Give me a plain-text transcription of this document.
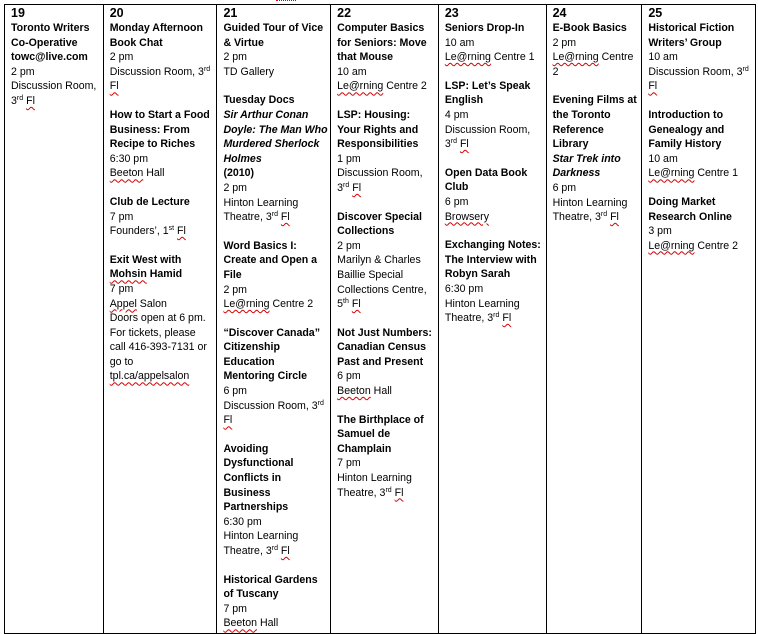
19
Toronto Writers Co-Operative towc@live.com
2 pm
Discussion Room, 3rd Fl
20
Monday Afternoon Book Chat
2 pm
Discussion Room, 3rd Fl
How to Start a Food Business: From Recipe to Riches
6:30 pm
Beeton Hall
Club de Lecture
7 pm
Founders’, 1st Fl
Exit West with Mohsin Hamid
7 pm
Appel Salon
Doors open at 6 pm. For tickets, please call 416-393-7131 or go to tpl.ca/appelsalon
21
Guided Tour of Vice & Virtue
2 pm
TD Gallery
Tuesday Docs
Sir Arthur Conan Doyle: The Man Who Murdered Sherlock Holmes
(2010)
2 pm
Hinton Learning Theatre, 3rd Fl
Word Basics I: Create and Open a File
2 pm
Le@rning Centre 2
“Discover Canada” Citizenship Education Mentoring Circle
6 pm
Discussion Room, 3rd Fl
Avoiding Dysfunctional Conflicts in Business Partnerships
6:30 pm
Hinton Learning Theatre, 3rd Fl
Historical Gardens of Tuscany
7 pm
Beeton Hall
22
Computer Basics for Seniors: Move that Mouse
10 am
Le@rning Centre 2
LSP: Housing: Your Rights and Responsibilities
1 pm
Discussion Room, 3rd Fl
Discover Special Collections
2 pm
Marilyn & Charles Baillie Special Collections Centre, 5th Fl
Not Just Numbers: Canadian Census Past and Present
6 pm
Beeton Hall
The Birthplace of Samuel de Champlain
7 pm
Hinton Learning Theatre, 3rd Fl
23
Seniors Drop-In
10 am
Le@rning Centre 1
LSP: Let’s Speak English
4 pm
Discussion Room, 3rd Fl
Open Data Book Club
6 pm
Browsery
Exchanging Notes: The Interview with Robyn Sarah
6:30 pm
Hinton Learning Theatre, 3rd Fl
24
E-Book Basics
2 pm
Le@rning Centre 2
Evening Films at the Toronto Reference Library
Star Trek into Darkness
6 pm
Hinton Learning Theatre, 3rd Fl
25
Historical Fiction Writers’ Group
10 am
Discussion Room, 3rd Fl
Introduction to Genealogy and Family History
10 am
Le@rning Centre 1
Doing Market Research Online
3 pm
Le@rning Centre 2
